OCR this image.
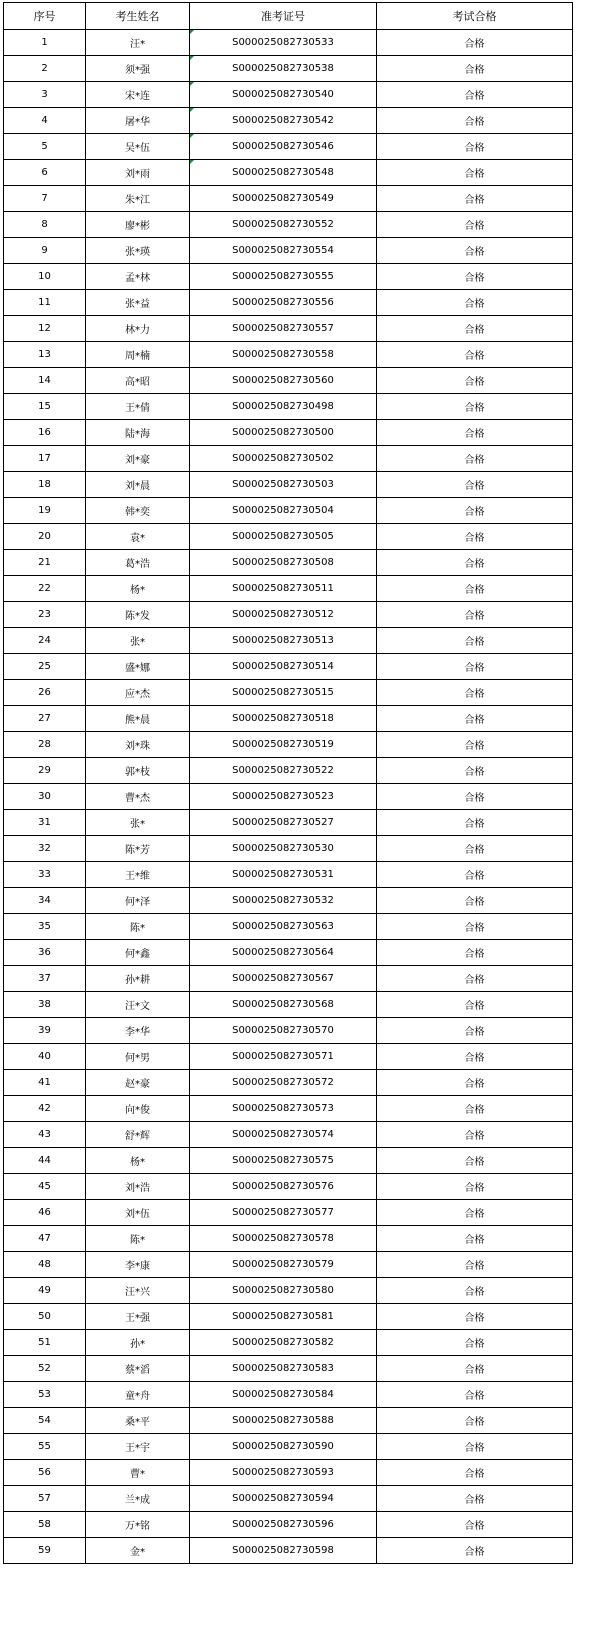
序号	考生姓名	准考证号	考试合格
1	汪*	S000025082730533	合格
2	须*强	S000025082730538	合格
3	宋*连	S000025082730540	合格
4	屠*华	S000025082730542	合格
5	吴*伍	S000025082730546	合格
6	刘*雨	S000025082730548	合格
7	朱*江	S000025082730549	合格
8	廖*彬	S000025082730552	合格
9	张*瑛	S000025082730554	合格
10	孟*林	S000025082730555	合格
11	张*益	S000025082730556	合格
12	林*力	S000025082730557	合格
13	周*楠	S000025082730558	合格
14	高*昭	S000025082730560	合格
15	王*倩	S000025082730498	合格
16	陆*海	S000025082730500	合格
17	刘*豪	S000025082730502	合格
18	刘*晨	S000025082730503	合格
19	韩*奕	S000025082730504	合格
20	袁*	S000025082730505	合格
21	葛*浩	S000025082730508	合格
22	杨*	S000025082730511	合格
23	陈*发	S000025082730512	合格
24	张*	S000025082730513	合格
25	盛*娜	S000025082730514	合格
26	应*杰	S000025082730515	合格
27	熊*晨	S000025082730518	合格
28	刘*珠	S000025082730519	合格
29	郭*枝	S000025082730522	合格
30	曹*杰	S000025082730523	合格
31	张*	S000025082730527	合格
32	陈*芳	S000025082730530	合格
33	王*维	S000025082730531	合格
34	何*泽	S000025082730532	合格
35	陈*	S000025082730563	合格
36	何*鑫	S000025082730564	合格
37	孙*耕	S000025082730567	合格
38	汪*文	S000025082730568	合格
39	李*华	S000025082730570	合格
40	何*男	S000025082730571	合格
41	赵*豪	S000025082730572	合格
42	向*俊	S000025082730573	合格
43	舒*辉	S000025082730574	合格
44	杨*	S000025082730575	合格
45	刘*浩	S000025082730576	合格
46	刘*伍	S000025082730577	合格
47	陈*	S000025082730578	合格
48	李*康	S000025082730579	合格
49	汪*兴	S000025082730580	合格
50	王*强	S000025082730581	合格
51	孙*	S000025082730582	合格
52	蔡*滔	S000025082730583	合格
53	童*舟	S000025082730584	合格
54	桑*平	S000025082730588	合格
55	王*宇	S000025082730590	合格
56	曹*	S000025082730593	合格
57	兰*成	S000025082730594	合格
58	万*铭	S000025082730596	合格
59	金*	S000025082730598	合格
